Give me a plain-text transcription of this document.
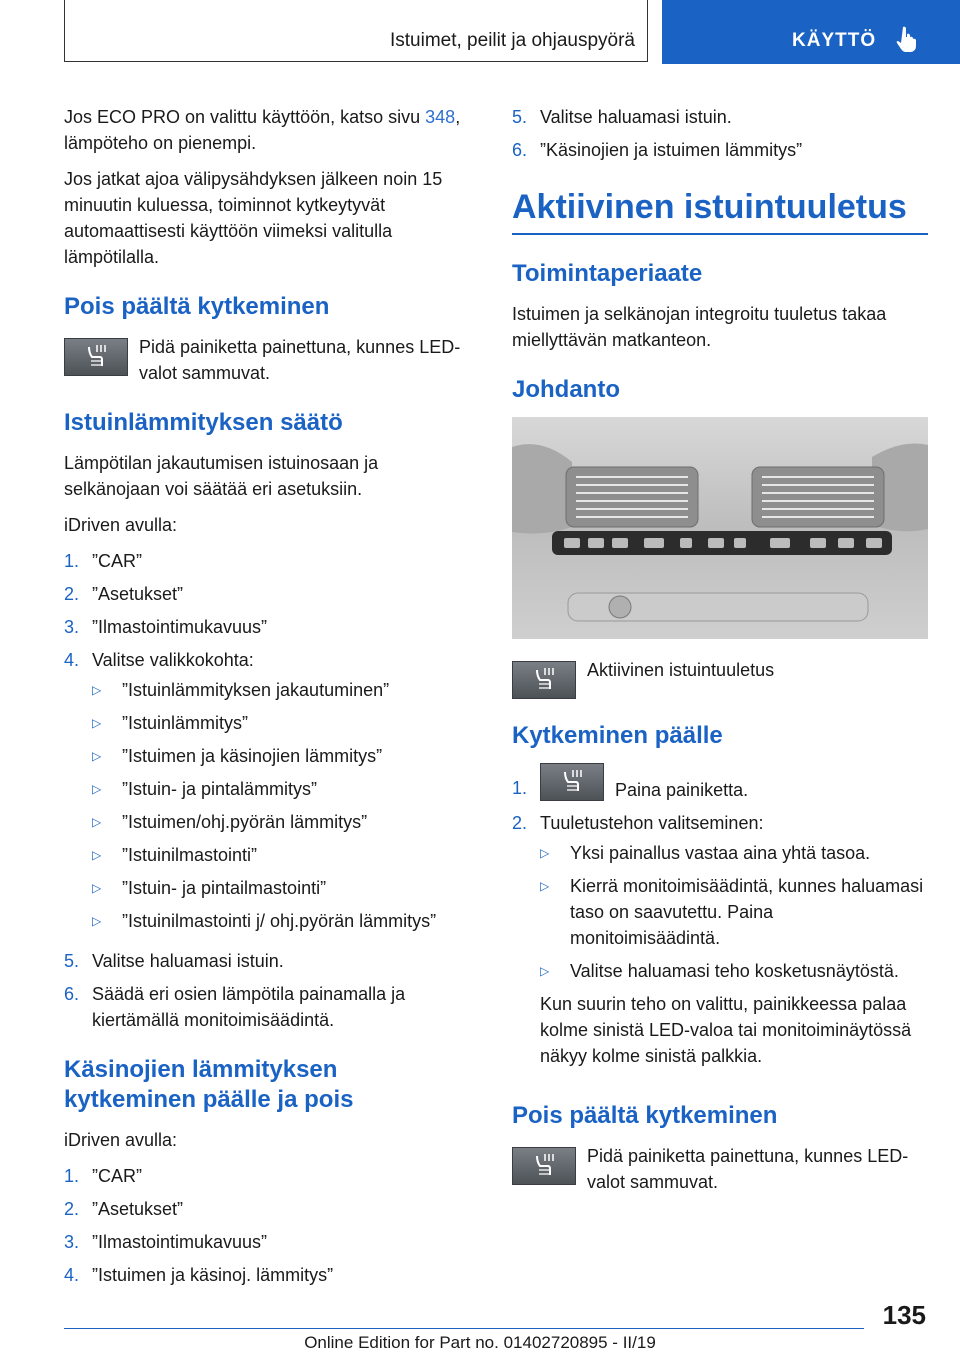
Istuimet, peilit ja ohjauspyörä	KÄYTTÖ

Jos ECO PRO on valittu käyttöön, katso sivu 348, lämpöteho on pienempi.

Jos jatkat ajoa välipysähdyksen jälkeen noin 15 minuutin kuluessa, toiminnot kytkeytyvät automaattisesti käyttöön viimeksi valitulla lämpötilalla.

Pois päältä kytkeminen

Pidä painiketta painettuna, kunnes LED-valot sammuvat.

Istuinlämmityksen säätö

Lämpötilan jakautumisen istuinosaan ja selkänojaan voi säätää eri asetuksiin.

iDriven avulla:

1. ”CAR”
2. ”Asetukset”
3. ”Ilmastointimukavuus”
4. Valitse valikkokohta:
▷	”Istuinlämmityksen jakautuminen”
▷	”Istuinlämmitys”
▷	”Istuimen ja käsinojien lämmitys”
▷	”Istuin- ja pintalämmitys”
▷	”Istuimen/ohj.pyörän lämmitys”
▷	”Istuinilmastointi”
▷	”Istuin- ja pintailmastointi”
▷	”Istuinilmastointi j/ ohj.pyörän lämmitys”
5. Valitse haluamasi istuin.
6. Säädä eri osien lämpötila painamalla ja kiertämällä monitoimisäädintä.
Käsinojien lämmityksen kytkeminen päälle ja pois

iDriven avulla:

1. ”CAR”
2. ”Asetukset”
3. ”Ilmastointimukavuus”
4. ”Istuimen ja käsinoj. lämmitys”
5. Valitse haluamasi istuin.
6. ”Käsinojien ja istuimen lämmitys”
Aktiivinen istuintuuletus
Toimintaperiaate

Istuimen ja selkänojan integroitu tuuletus takaa miellyttävän matkanteon.

Johdanto

Aktiivinen istuintuuletus

Kytkeminen päälle
1.	Paina painiketta.
2. Tuuletustehon valitseminen:
▷	Yksi painallus vastaa aina yhtä tasoa.
▷	Kierrä monitoimisäädintä, kunnes haluamasi taso on saavutettu. Paina monitoimisäädintä.
▷	Valitse haluamasi teho kosketusnäytöstä.

Kun suurin teho on valittu, painikkeessa palaa kolme sinistä LED-valoa tai monitoiminäytössä näkyy kolme sinistä palkkia.

Pois päältä kytkeminen

Pidä painiketta painettuna, kunnes LED-valot sammuvat.

135
Online Edition for Part no. 01402720895 - II/19
